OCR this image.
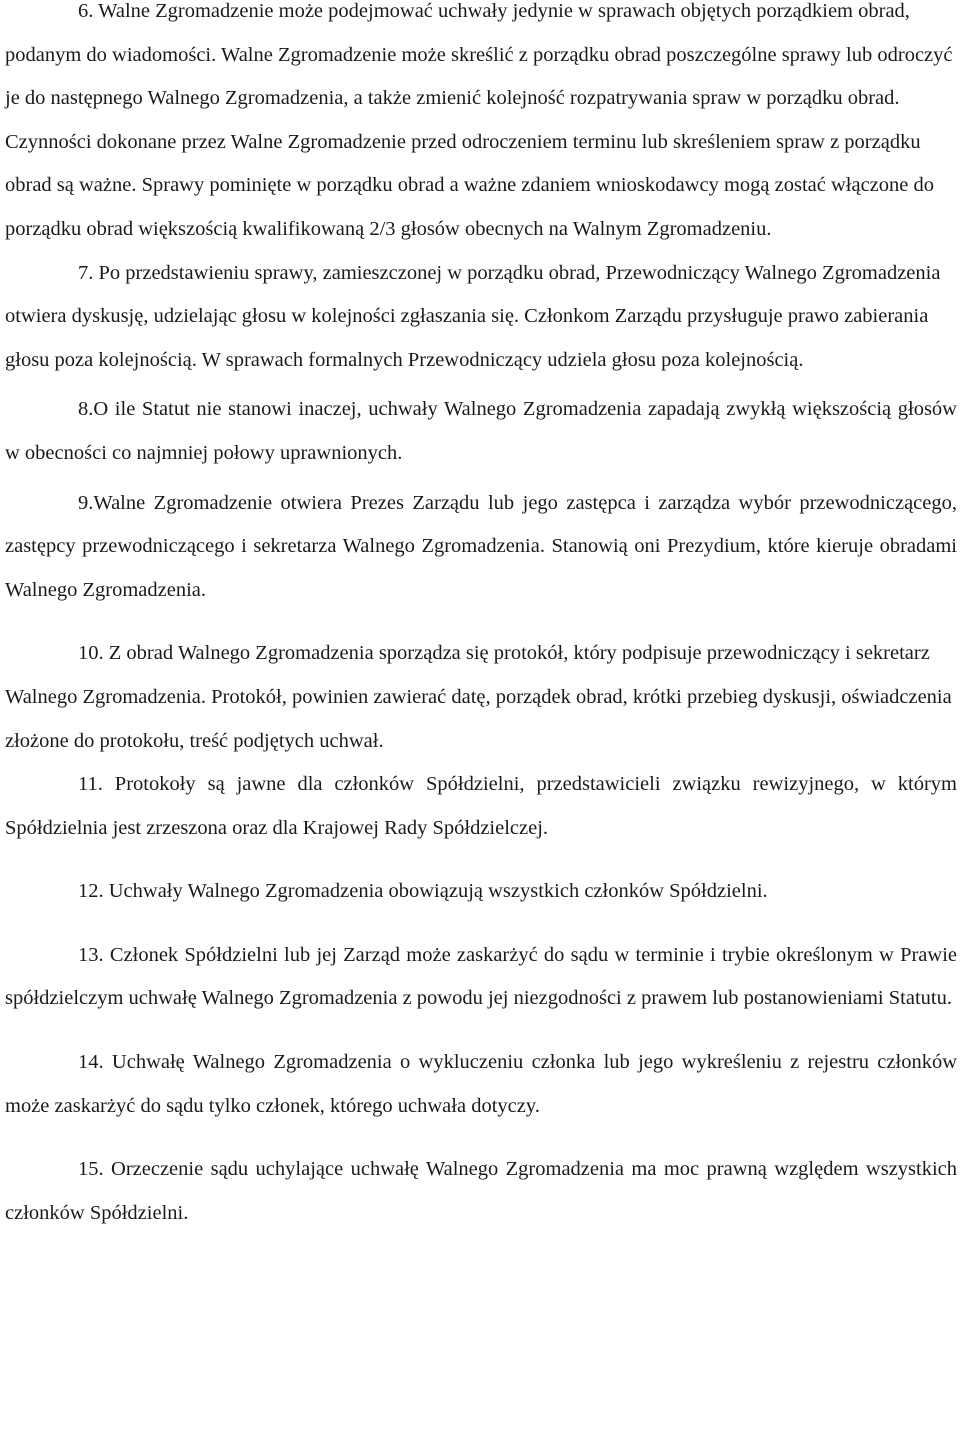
6. Walne Zgromadzenie może podejmować uchwały jedynie w sprawach objętych porządkiem obrad, podanym do wiadomości. Walne Zgromadzenie może skreślić z porządku obrad poszczególne sprawy lub odroczyć je do następnego Walnego Zgromadzenia, a także zmienić kolejność rozpatrywania spraw w porządku obrad. Czynności dokonane przez Walne Zgromadzenie przed odroczeniem terminu lub skreśleniem spraw z porządku obrad są ważne. Sprawy pominięte w porządku obrad a ważne zdaniem wnioskodawcy mogą zostać włączone do porządku obrad większością kwalifikowaną 2/3 głosów obecnych na Walnym Zgromadzeniu.

7. Po przedstawieniu sprawy, zamieszczonej w porządku obrad, Przewodniczący Walnego Zgromadzenia otwiera dyskusję, udzielając głosu w kolejności zgłaszania się. Członkom Zarządu przysługuje prawo zabierania głosu poza kolejnością. W sprawach formalnych Przewodniczący udziela głosu poza kolejnością.

8.O ile Statut nie stanowi inaczej, uchwały Walnego Zgromadzenia zapadają zwykłą większością głosów w obecności co najmniej połowy uprawnionych.

9.Walne Zgromadzenie otwiera Prezes Zarządu lub jego zastępca i zarządza wybór przewodniczącego, zastępcy przewodniczącego i sekretarza Walnego Zgromadzenia. Stanowią oni Prezydium, które kieruje obradami Walnego Zgromadzenia.

10. Z obrad Walnego Zgromadzenia sporządza się protokół, który podpisuje przewodniczący i sekretarz Walnego Zgromadzenia. Protokół, powinien zawierać datę, porządek obrad, krótki przebieg dyskusji, oświadczenia złożone do protokołu, treść podjętych uchwał.

11. Protokoły są jawne dla członków Spółdzielni, przedstawicieli związku rewizyjnego, w którym Spółdzielnia jest zrzeszona oraz dla Krajowej Rady Spółdzielczej.

12. Uchwały Walnego Zgromadzenia obowiązują wszystkich członków Spółdzielni.

13. Członek Spółdzielni lub jej Zarząd może zaskarżyć do sądu w terminie i trybie określonym w Prawie spółdzielczym uchwałę Walnego Zgromadzenia z powodu jej niezgodności z prawem lub postanowieniami Statutu.

14. Uchwałę Walnego Zgromadzenia o wykluczeniu członka lub jego wykreśleniu z rejestru członków może zaskarżyć do sądu tylko członek, którego uchwała dotyczy.

15. Orzeczenie sądu uchylające uchwałę Walnego Zgromadzenia ma moc prawną względem wszystkich członków Spółdzielni.
